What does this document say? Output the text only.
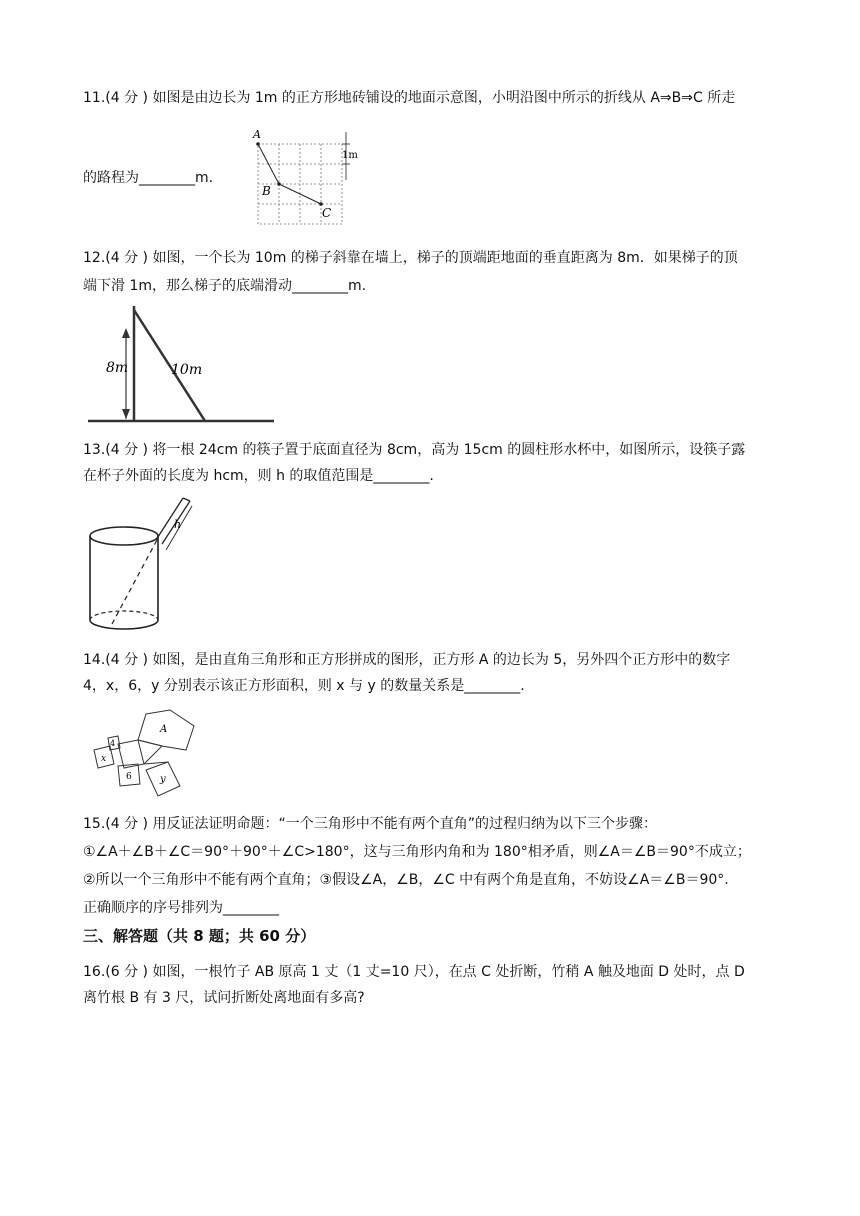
11.(4 分 ) 如图是由边长为 1m 的正方形地砖铺设的地面示意图，小明沿图中所示的折线从 A⇒B⇒C 所走
A
B
C
1m
的路程为________m.
12.(4 分 ) 如图，一个长为 10m 的梯子斜靠在墙上，梯子的顶端距地面的垂直距离为 8m．如果梯子的顶
端下滑 1m，那么梯子的底端滑动________m.
8m	10m
13.(4 分 ) 将一根 24cm 的筷子置于底面直径为 8cm，高为 15cm 的圆柱形水杯中，如图所示，设筷子露
在杯子外面的长度为 hcm，则 h 的取值范围是________.
h
14.(4 分 ) 如图，是由直角三角形和正方形拼成的图形，正方形 A 的边长为 5，另外四个正方形中的数字
4，x，6，y 分别表示该正方形面积，则 x 与 y 的数量关系是________.
A
4
x
6	y
15.(4 分 ) 用反证法证明命题：“一个三角形中不能有两个直角”的过程归纳为以下三个步骤：
①∠A＋∠B＋∠C＝90°＋90°＋∠C>180°，这与三角形内角和为 180°相矛盾，则∠A＝∠B＝90°不成立；
②所以一个三角形中不能有两个直角；③假设∠A，∠B，∠C 中有两个角是直角，不妨设∠A＝∠B＝90°.
正确顺序的序号排列为________
三、解答题（共 8 题；共 60 分）
16.(6 分 ) 如图，一根竹子 AB 原高 1 丈（1 丈=10 尺），在点 C 处折断，竹稍 A 触及地面 D 处时，点 D
离竹根 B 有 3 尺，试问折断处离地面有多高?
